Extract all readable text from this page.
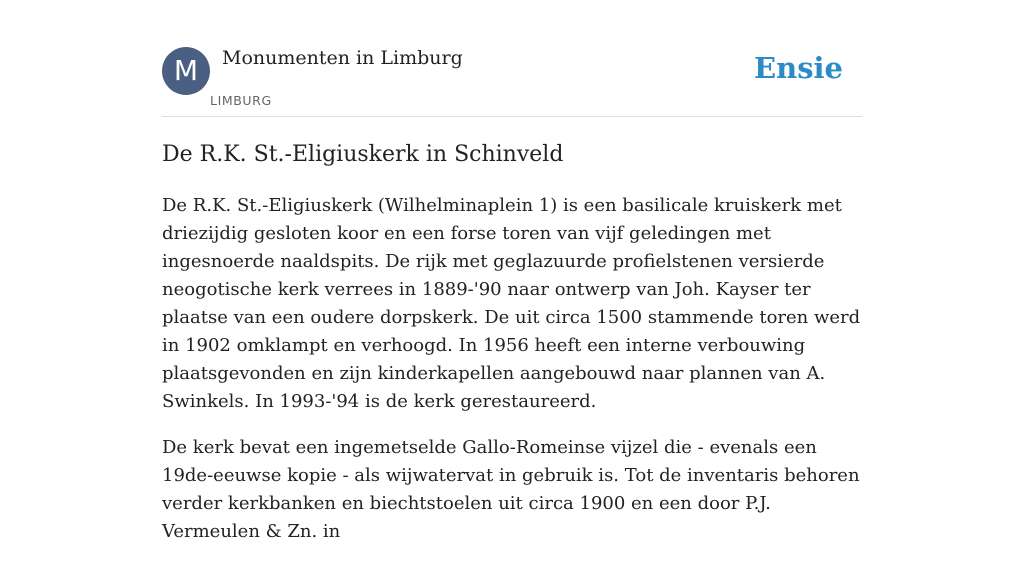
M	Monumenten in Limburg
LIMBURG
Ensie
De R.K. St.-Eligiuskerk in Schinveld

De R.K. St.-Eligiuskerk (Wilhelminaplein 1) is een basilicale kruiskerk met driezijdig gesloten koor en een forse toren van vijf geledingen met ingesnoerde naaldspits. De rijk met geglazuurde profielstenen versierde neogotische kerk verrees in 1889-'90 naar ontwerp van Joh. Kayser ter plaatse van een oudere dorpskerk. De uit circa 1500 stammende toren werd in 1902 omklampt en verhoogd. In 1956 heeft een interne verbouwing plaatsgevonden en zijn kinderkapellen aangebouwd naar plannen van A. Swinkels. In 1993-'94 is de kerk gerestaureerd.

De kerk bevat een ingemetselde Gallo-Romeinse vijzel die - evenals een 19de-eeuwse kopie - als wijwatervat in gebruik is. Tot de inventaris behoren verder kerkbanken en biechtstoelen uit circa 1900 en een door P.J. Vermeulen & Zn. in
